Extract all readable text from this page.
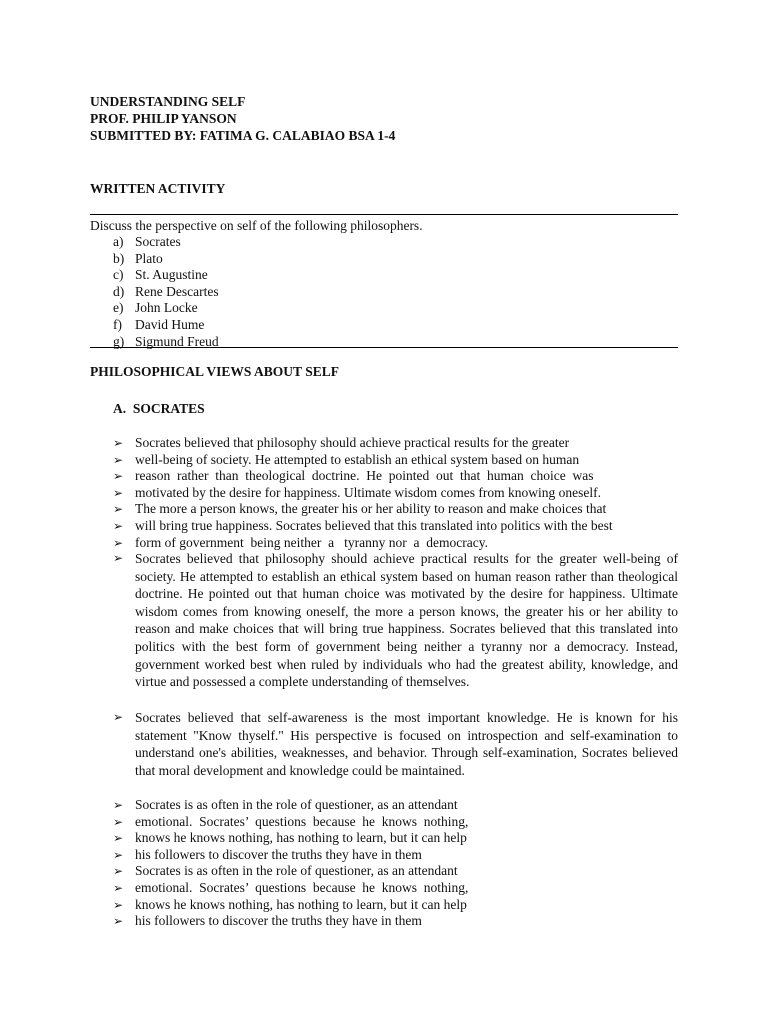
UNDERSTANDING SELF
PROF. PHILIP YANSON
SUBMITTED BY: FATIMA G. CALABIAO BSA 1-4
WRITTEN ACTIVITY
Discuss the perspective on self of the following philosophers.
a) Socrates
b) Plato
c) St. Augustine
d) Rene Descartes
e) John Locke
f) David Hume
g) Sigmund Freud
PHILOSOPHICAL VIEWS ABOUT SELF
A.  SOCRATES
➢ Socrates believed that philosophy should achieve practical results for the greater
➢ well-being of society. He attempted to establish an ethical system based on human
➢ reason  rather  than  theological  doctrine.  He  pointed  out  that  human  choice  was
➢ motivated by the desire for happiness. Ultimate wisdom comes from knowing oneself.
➢ The more a person knows, the greater his or her ability to reason and make choices that
➢ will bring true happiness. Socrates believed that this translated into politics with the best
➢ form of government  being neither  a   tyranny nor  a  democracy.
➢ Socrates believed that philosophy should achieve practical results for the greater well-being of society. He attempted to establish an ethical system based on human reason rather than theological doctrine. He pointed out that human choice was motivated by the desire for happiness. Ultimate wisdom comes from knowing oneself, the more a person knows, the greater his or her ability to reason and make choices that will bring true happiness. Socrates believed that this translated into politics with the best form of government being neither a tyranny nor a democracy. Instead, government worked best when ruled by individuals who had the greatest ability, knowledge, and virtue and possessed a complete understanding of themselves.
➢ Socrates believed that self-awareness is the most important knowledge. He is known for his statement "Know thyself." His perspective is focused on introspection and self-examination to understand one's abilities, weaknesses, and behavior. Through self-examination, Socrates believed that moral development and knowledge could be maintained.
➢ Socrates is as often in the role of questioner, as an attendant
➢ emotional.  Socrates’  questions  because  he  knows  nothing,
➢ knows he knows nothing, has nothing to learn, but it can help
➢ his followers to discover the truths they have in them
➢ Socrates is as often in the role of questioner, as an attendant
➢ emotional.  Socrates’  questions  because  he  knows  nothing,
➢ knows he knows nothing, has nothing to learn, but it can help
➢ his followers to discover the truths they have in them
